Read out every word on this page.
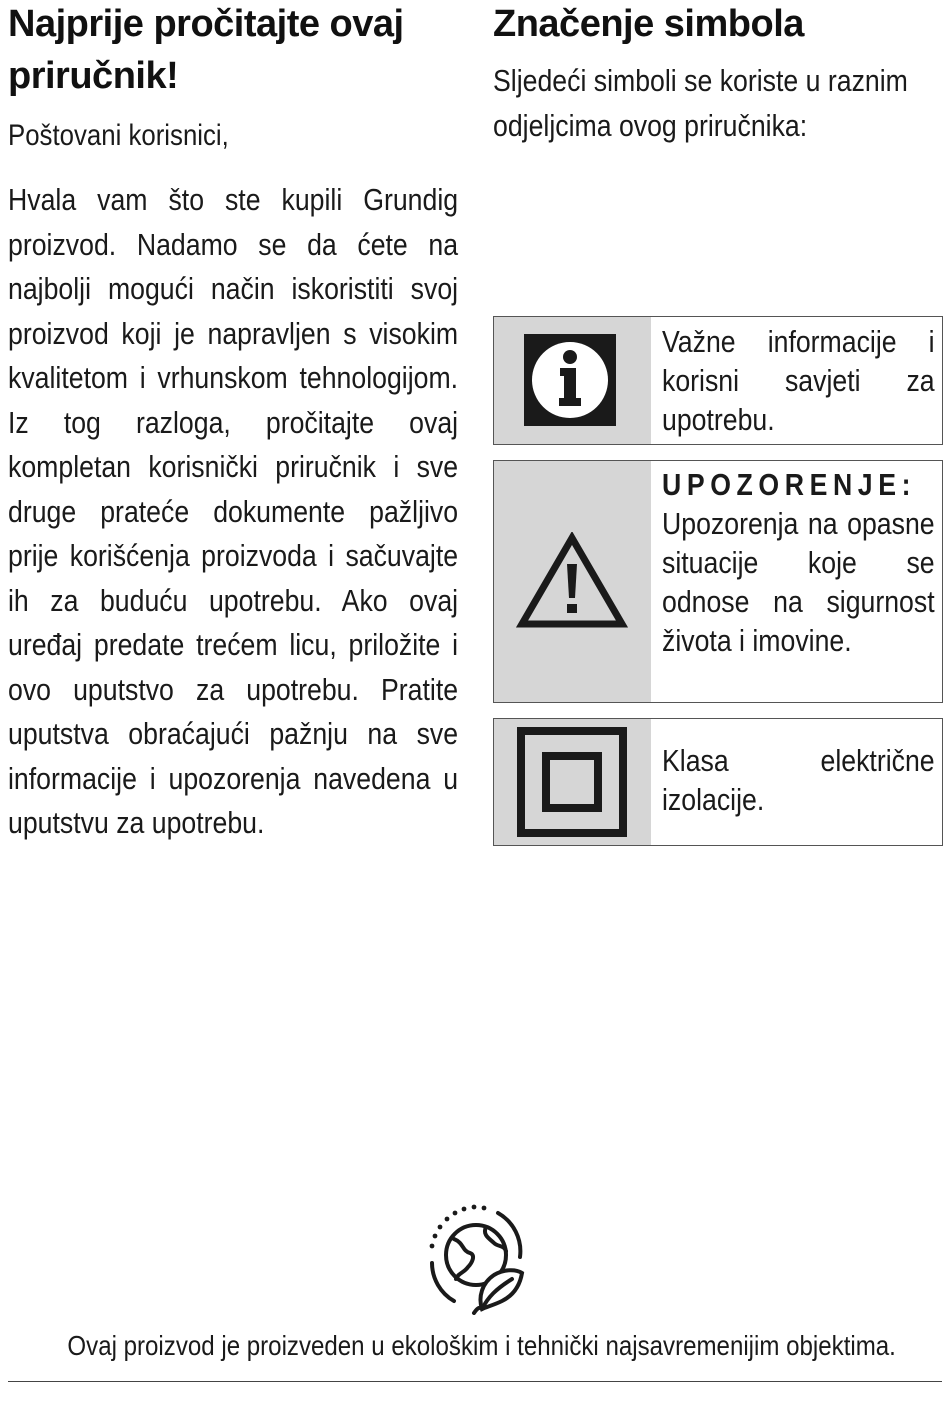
Najprije pročitajte ovaj
priručnik!

Poštovani korisnici,

Hvala vam što ste kupili Grundig proizvod. Nadamo se da ćete na najbolji mogući način iskoristiti svoj proizvod koji je napravljen s visokim kvalitetom i vrhunskom tehnologijom. Iz tog razloga, pročitajte ovaj kompletan korisnički priručnik i sve druge prateće dokumente pažljivo prije korišćenja proizvoda i sačuvajte ih za buduću upotrebu. Ako ovaj uređaj predate trećem licu, priložite i ovo uputstvo za upotrebu. Pratite uputstva obraćajući pažnju na sve informacije i upozorenja navedena u uputstvu za upotrebu.

Značenje simbola

Sljedeći simboli se koriste u raznim odjeljcima ovog priručnika:

Važne informacije i korisni savjeti za upotrebu.
UPOZORENJE:
Upozorenja na opasne situacije koje se odnose na sigurnost života i imovine.
Klasa električne izolacije.
Ovaj proizvod je proizveden u ekološkim i tehnički najsavremenijim objektima.
